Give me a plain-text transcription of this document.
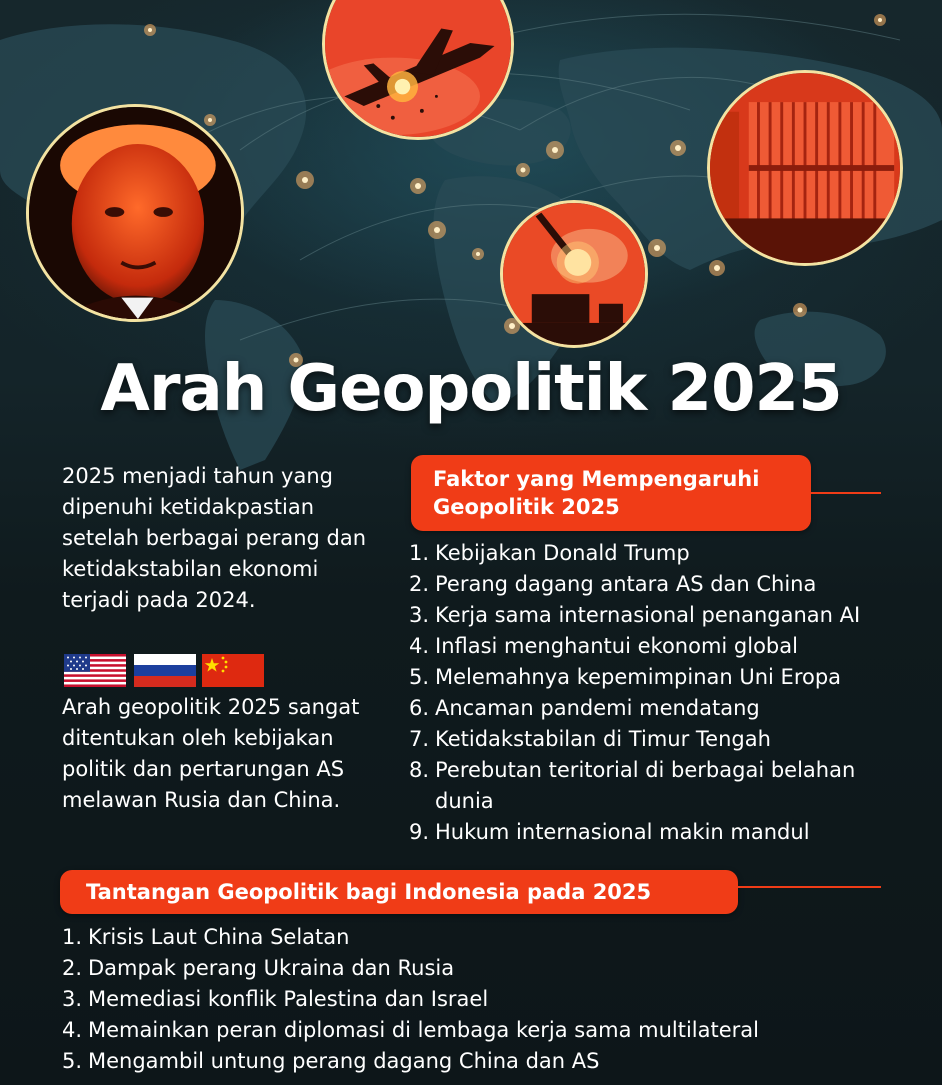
Arah Geopolitik 2025

2025 menjadi tahun yang dipenuhi ketidakpastian setelah berbagai perang dan ketidakstabilan ekonomi terjadi pada 2024.

Arah geopolitik 2025 sangat ditentukan oleh kebijakan politik dan pertarungan AS melawan Rusia dan China.

Faktor yang Mempengaruhi Geopolitik 2025
1. Kebijakan Donald Trump
2. Perang dagang antara AS dan China
3. Kerja sama internasional penanganan AI
4. Inflasi menghantui ekonomi global
5. Melemahnya kepemimpinan Uni Eropa
6. Ancaman pandemi mendatang
7. Ketidakstabilan di Timur Tengah
8. Perebutan teritorial di berbagai belahan dunia
9. Hukum internasional makin mandul
Tantangan Geopolitik bagi Indonesia pada 2025
1. Krisis Laut China Selatan
2. Dampak perang Ukraina dan Rusia
3. Memediasi konflik Palestina dan Israel
4. Memainkan peran diplomasi di lembaga kerja sama multilateral
5. Mengambil untung perang dagang China dan AS
